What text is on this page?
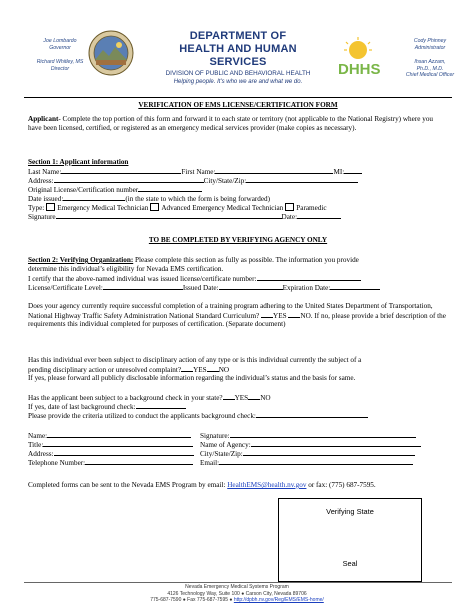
Joe Lombardo
Governor
Richard Whitley, MS
Director
DEPARTMENT OF
HEALTH AND HUMAN SERVICES
DIVISION OF PUBLIC AND BEHAVIORAL HEALTH
Helping people. It's who we are and what we do.
DHHS
Cody Phinney
Administrator
Ihsan Azzam,
Ph.D., M.D.
Chief Medical Officer
VERIFICATION OF EMS LICENSE/CERTIFICATION FORM
Applicant- Complete the top portion of this form and forward it to each state or territory (not applicable to the National Registry) where you have been licensed, certified, or registered as an emergency medical services provider (make copies as necessary).
Section 1: Applicant information
Last Name:	First Name:	MI:
Address:	City/State/Zip:
Original License/Certification number
Date issued:	(in the state to which the form is being forwarded)
Type: Emergency Medical Technician Advanced Emergency Medical Technician Paramedic
Signature	Date:
TO BE COMPLETED BY VERIFYING AGENCY ONLY
Section 2: Verifying Organization: Please complete this section as fully as possible. The information you provide
determine this individual’s eligibility for Nevada EMS certification.
I certify that the above-named individual was issued license/certificate number:
License/Certificate Level:	Issued Date:	Expiration Date:
Does your agency currently require successful completion of a training program adhering to the United States Department of Transportation, National Highway Traffic Safety Administration National Standard Curriculum? YES NO. If no, please provide a brief description of the requirements this individual completed for purposes of certification. (Separate document)
Has this individual ever been subject to disciplinary action of any type or is this individual currently the subject of a
pending disciplinary action or unresolved complaint? YES NO
If yes, please forward all publicly disclosable information regarding the individual’s status and the basis for same.
Has the applicant been subject to a background check in your state? YES NO
If yes, date of last background check:
Please provide the criteria utilized to conduct the applicants background check:
Name:	Signature:
Title:	Name of Agency:
Address:	City/State/Zip:
Telephone Number:	Email:
Completed forms can be sent to the Nevada EMS Program by email: HealthEMS@health.nv.gov or fax: (775) 687-7595.
Verifying State
Seal
Nevada Emergency Medical Systems Program
4126 Technology Way, Suite 100 ● Carson City, Nevada 89706
775-687-7590 ● Fax 775-687-7595 ● http://dpbh.nv.gov/Reg/EMS/EMS-home/
